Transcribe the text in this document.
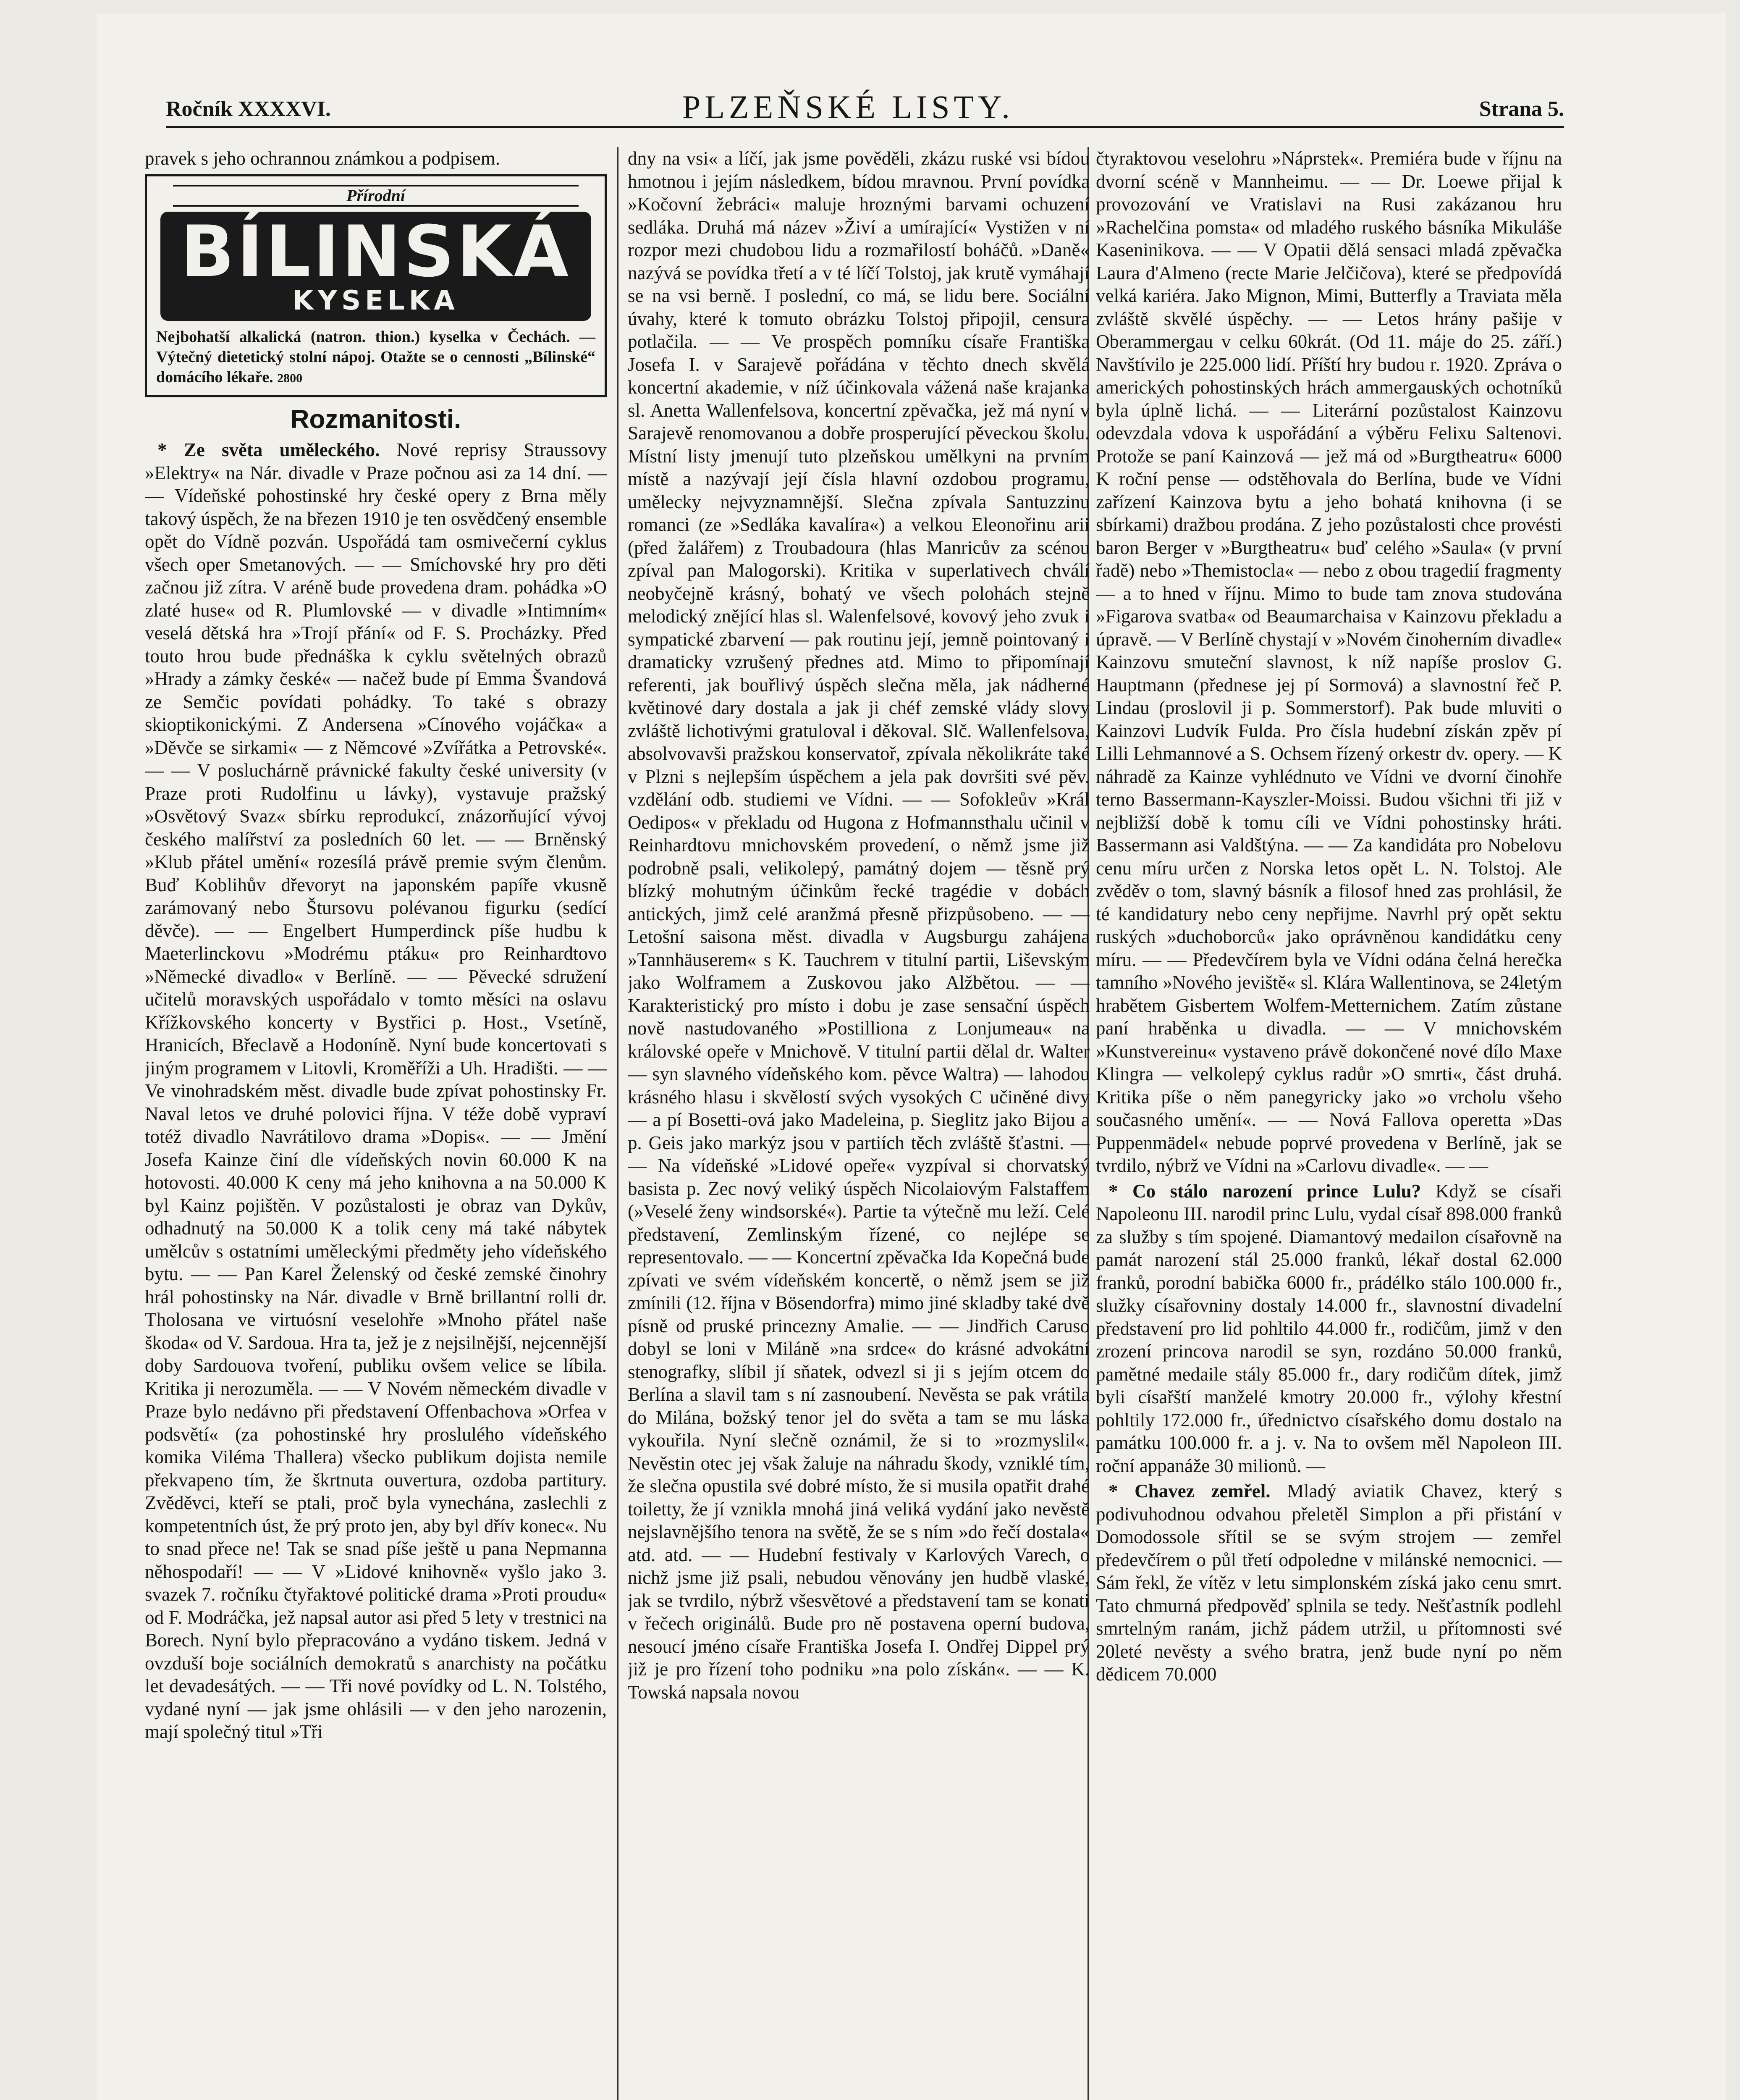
Ročník XXXXVI.	PLZEŇSKÉ LISTY.	Strana 5.

pravek s jeho ochrannou známkou a podpisem.

Přírodní
BÍLINSKÁ
KYSELKA
Nejbohatší alkalická (natron. thion.) kyselka v Čechách. — Výtečný dietetický stolní nápoj. Otažte se o cennosti „Bílinské“ domácího lékaře. 2800
Rozmanitosti.

* Ze světa uměleckého. Nové reprisy Straussovy »Elektry« na Nár. divadle v Praze počnou asi za 14 dní. — — Vídeňské pohostinské hry české opery z Brna měly takový úspěch, že na březen 1910 je ten osvědčený ensemble opět do Vídně pozván. Uspořádá tam osmivečerní cyklus všech oper Smetanových. — — Smíchovské hry pro děti začnou již zítra. V aréně bude provedena dram. pohádka »O zlaté huse« od R. Plumlovské — v divadle »Intimním« veselá dětská hra »Trojí přání« od F. S. Procházky. Před touto hrou bude přednáška k cyklu světelných obrazů »Hrady a zámky české« — načež bude pí Emma Švandová ze Semčic povídati pohádky. To také s obrazy skioptikonickými. Z Andersena »Cínového vojáčka« a »Děvče se sirkami« — z Němcové »Zvířátka a Petrovské«. — — V posluchárně právnické fakulty české university (v Praze proti Rudolfinu u lávky), vystavuje pražský »Osvětový Svaz« sbírku reprodukcí, znázorňující vývoj českého malířství za posledních 60 let. — — Brněnský »Klub přátel umění« rozesílá právě premie svým členům. Buď Koblihův dřevoryt na japonském papíře vkusně zarámovaný nebo Štursovu polévanou figurku (sedící děvče). — — Engelbert Humperdinck píše hudbu k Maeterlinckovu »Modrému ptáku« pro Reinhardtovo »Německé divadlo« v Berlíně. — — Pěvecké sdružení učitelů moravských uspořádalo v tomto měsíci na oslavu Křížkovského koncerty v Bystřici p. Host., Vsetíně, Hranicích, Břeclavě a Hodoníně. Nyní bude koncertovati s jiným programem v Litovli, Kroměříži a Uh. Hradišti. — — Ve vinohradském měst. divadle bude zpívat pohostinsky Fr. Naval letos ve druhé polovici října. V téže době vypraví totéž divadlo Navrátilovo drama »Dopis«. — — Jmění Josefa Kainze činí dle vídeňských novin 60.000 K na hotovosti. 40.000 K ceny má jeho knihovna a na 50.000 K byl Kainz pojištěn. V pozůstalosti je obraz van Dykův, odhadnutý na 50.000 K a tolik ceny má také nábytek umělcův s ostatními uměleckými předměty jeho vídeňského bytu. — — Pan Karel Želenský od české zemské činohry hrál pohostinsky na Nár. divadle v Brně brillantní rolli dr. Tholosana ve virtuósní veselohře »Mnoho přátel naše škoda« od V. Sardoua. Hra ta, jež je z nejsilnější, nejcennější doby Sardouova tvoření, publiku ovšem velice se líbila. Kritika ji nerozuměla. — — V Novém německém divadle v Praze bylo nedávno při představení Offenbachova »Orfea v podsvětí« (za pohostinské hry proslulého vídeňského komika Viléma Thallera) všecko publikum dojista nemile překvapeno tím, že škrtnuta ouvertura, ozdoba partitury. Zvěděvci, kteří se ptali, proč byla vynechána, zaslechli z kompetentních úst, že prý proto jen, aby byl dřív konec«. Nu to snad přece ne! Tak se snad píše ještě u pana Nepmanna něhospodaří! — — V »Lidové knihovně« vyšlo jako 3. svazek 7. ročníku čtyřaktové politické drama »Proti proudu« od F. Modráčka, jež napsal autor asi před 5 lety v trestnici na Borech. Nyní bylo přepracováno a vydáno tiskem. Jedná v ovzduší boje sociálních demokratů s anarchisty na počátku let devadesátých. — — Tři nové povídky od L. N. Tolstého, vydané nyní — jak jsme ohlásili — v den jeho narozenin, mají společný titul »Tři

dny na vsi« a líčí, jak jsme pověděli, zkázu ruské vsi bídou hmotnou i jejím následkem, bídou mravnou. První povídka »Kočovní žebráci« maluje hroznými barvami ochuzení sedláka. Druhá má název »Živí a umírající« Vystižen v ní rozpor mezi chudobou lidu a rozmařilostí boháčů. »Daně« nazývá se povídka třetí a v té líčí Tolstoj, jak krutě vymáhají se na vsi berně. I poslední, co má, se lidu bere. Sociální úvahy, které k tomuto obrázku Tolstoj připojil, censura potlačila. — — Ve prospěch pomníku císaře Františka Josefa I. v Sarajevě pořádána v těchto dnech skvělá koncertní akademie, v níž účinkovala vážená naše krajanka sl. Anetta Wallenfelsova, koncertní zpěvačka, jež má nyní v Sarajevě renomovanou a dobře prosperující pěveckou školu. Místní listy jmenují tuto plzeňskou umělkyni na prvním místě a nazývají její čísla hlavní ozdobou programu, umělecky nejvyznamnější. Slečna zpívala Santuzzinu romanci (ze »Sedláka kavalíra«) a velkou Eleonořinu arii (před žalářem) z Troubadoura (hlas Manricův za scénou zpíval pan Malogorski). Kritika v superlativech chválí neobyčejně krásný, bohatý ve všech polohách stejně melodický znějící hlas sl. Walenfelsové, kovový jeho zvuk i sympatické zbarvení — pak routinu její, jemně pointovaný i dramaticky vzrušený přednes atd. Mimo to připomínají referenti, jak bouřlivý úspěch slečna měla, jak nádherné květinové dary dostala a jak ji chéf zemské vlády slovy zvláště lichotivými gratuloval i děkoval. Slč. Wallenfelsova, absolvovavši pražskou konservatoř, zpívala několikráte také v Plzni s nejlepším úspěchem a jela pak dovršiti své pěv. vzdělání odb. studiemi ve Vídni. — — Sofokleův »Král Oedipos« v překladu od Hugona z Hofmannsthalu učinil v Reinhardtovu mnichovském provedení, o němž jsme již podrobně psali, velikolepý, památný dojem — těsně prý blízký mohutným účinkům řecké tragédie v dobách antických, jimž celé aranžmá přesně přizpůsobeno. — — Letošní saisona měst. divadla v Augsburgu zahájena »Tannhäuserem« s K. Tauchrem v titulní partii, Liševským jako Wolframem a Zuskovou jako Alžbětou. — — Karakteristický pro místo i dobu je zase sensační úspěch nově nastudovaného »Postilliona z Lonjumeau« na královské opeře v Mnichově. V titulní partii dělal dr. Walter — syn slavného vídeňského kom. pěvce Waltra) — lahodou krásného hlasu i skvělostí svých vysokých C učiněné divy — a pí Bosetti-ová jako Madeleina, p. Sieglitz jako Bijou a p. Geis jako markýz jsou v partiích těch zvláště šťastni. — — Na vídeňské »Lidové opeře« vyzpíval si chorvatský basista p. Zec nový veliký úspěch Nicolaiovým Falstaffem (»Veselé ženy windsorské«). Partie ta výtečně mu leží. Celé představení, Zemlinským řízené, co nejlépe se representovalo. — — Koncertní zpěvačka Ida Kopečná bude zpívati ve svém vídeňském koncertě, o němž jsem se již zmínili (12. října v Bösendorfra) mimo jiné skladby také dvě písně od pruské princezny Amalie. — — Jindřich Caruso dobyl se loni v Miláně »na srdce« do krásné advokátní stenografky, slíbil jí sňatek, odvezl si ji s jejím otcem do Berlína a slavil tam s ní zasnoubení. Nevěsta se pak vrátila do Milána, božský tenor jel do světa a tam se mu láska vykouřila. Nyní slečně oznámil, že si to »rozmyslil«. Nevěstin otec jej však žaluje na náhradu škody, vzniklé tím, že slečna opustila své dobré místo, že si musila opatřit drahé toiletty, že jí vznikla mnohá jiná veliká vydání jako nevěstě nejslavnějšího tenora na světě, že se s ním »do řečí dostala« atd. atd. — — Hudební festivaly v Karlových Varech, o nichž jsme již psali, nebudou věnovány jen hudbě vlaské, jak se tvrdilo, nýbrž všesvětové a představení tam se konati v řečech originálů. Bude pro ně postavena operní budova, nesoucí jméno císaře Františka Josefa I. Ondřej Dippel prý již je pro řízení toho podniku »na polo získán«. — — K. Towská napsala novou

čtyraktovou veselohru »Náprstek«. Premiéra bude v říjnu na dvorní scéně v Mannheimu. — — Dr. Loewe přijal k provozování ve Vratislavi na Rusi zakázanou hru »Rachelčina pomsta« od mladého ruského básníka Mikuláše Kaseninikova. — — V Opatii dělá sensaci mladá zpěvačka Laura d'Almeno (recte Marie Jelčičova), které se předpovídá velká kariéra. Jako Mignon, Mimi, Butterfly a Traviata měla zvláště skvělé úspěchy. — — Letos hrány pašije v Oberammergau v celku 60krát. (Od 11. máje do 25. září.) Navštívilo je 225.000 lidí. Příští hry budou r. 1920. Zpráva o amerických pohostinských hrách ammergauských ochotníků byla úplně lichá. — — Literární pozůstalost Kainzovu odevzdala vdova k uspořádání a výběru Felixu Saltenovi. Protože se paní Kainzová — jež má od »Burgtheatru« 6000 K roční pense — odstěhovala do Berlína, bude ve Vídni zařízení Kainzova bytu a jeho bohatá knihovna (i se sbírkami) dražbou prodána. Z jeho pozůstalosti chce provésti baron Berger v »Burgtheatru« buď celého »Saula« (v první řadě) nebo »Themistocla« — nebo z obou tragedií fragmenty — a to hned v říjnu. Mimo to bude tam znova studována »Figarova svatba« od Beaumarchaisa v Kainzovu překladu a úpravě. — V Berlíně chystají v »Novém činoherním divadle« Kainzovu smuteční slavnost, k níž napíše proslov G. Hauptmann (přednese jej pí Sormová) a slavnostní řeč P. Lindau (proslovil ji p. Sommerstorf). Pak bude mluviti o Kainzovi Ludvík Fulda. Pro čísla hudební získán zpěv pí Lilli Lehmannové a S. Ochsem řízený orkestr dv. opery. — K náhradě za Kainze vyhlédnuto ve Vídni ve dvorní činohře terno Bassermann-Kayszler-Moissi. Budou všichni tři již v nejbližší době k tomu cíli ve Vídni pohostinsky hráti. Bassermann asi Valdštýna. — — Za kandidáta pro Nobelovu cenu míru určen z Norska letos opět L. N. Tolstoj. Ale zvěděv o tom, slavný básník a filosof hned zas prohlásil, že té kandidatury nebo ceny nepřijme. Navrhl prý opět sektu ruských »duchoborců« jako oprávněnou kandidátku ceny míru. — — Předevčírem byla ve Vídni odána čelná herečka tamního »Nového jeviště« sl. Klára Wallentinova, se 24letým hrabětem Gisbertem Wolfem-Metternichem. Zatím zůstane paní hraběnka u divadla. — — V mnichovském »Kunstvereinu« vystaveno právě dokončené nové dílo Maxe Klingra — velkolepý cyklus radůr »O smrti«, část druhá. Kritika píše o něm panegyricky jako »o vrcholu všeho současného umění«. — — Nová Fallova operetta »Das Puppenmädel« nebude poprvé provedena v Berlíně, jak se tvrdilo, nýbrž ve Vídni na »Carlovu divadle«. — —

* Co stálo narození prince Lulu? Když se císaři Napoleonu III. narodil princ Lulu, vydal císař 898.000 franků za služby s tím spojené. Diamantový medailon císařovně na památ narození stál 25.000 franků, lékař dostal 62.000 franků, porodní babička 6000 fr., prádélko stálo 100.000 fr., služky císařovniny dostaly 14.000 fr., slavnostní divadelní představení pro lid pohltilo 44.000 fr., rodičům, jimž v den zrození princova narodil se syn, rozdáno 50.000 franků, pamětné medaile stály 85.000 fr., dary rodičům dítek, jimž byli císařští manželé kmotry 20.000 fr., výlohy křestní pohltily 172.000 fr., úřednictvo císařského domu dostalo na památku 100.000 fr. a j. v. Na to ovšem měl Napoleon III. roční appanáže 30 milionů. —

* Chavez zemřel. Mladý aviatik Chavez, který s podivuhodnou odvahou přeletěl Simplon a při přistání v Domodossole sřítil se se svým strojem — zemřel předevčírem o půl třetí odpoledne v milánské nemocnici. — Sám řekl, že vítěz v letu simplonském získá jako cenu smrt. Tato chmurná předpověď splnila se tedy. Nešťastník podlehl smrtelným ranám, jichž pádem utržil, u přítomnosti své 20leté nevěsty a svého bratra, jenž bude nyní po něm dědicem 70.000
